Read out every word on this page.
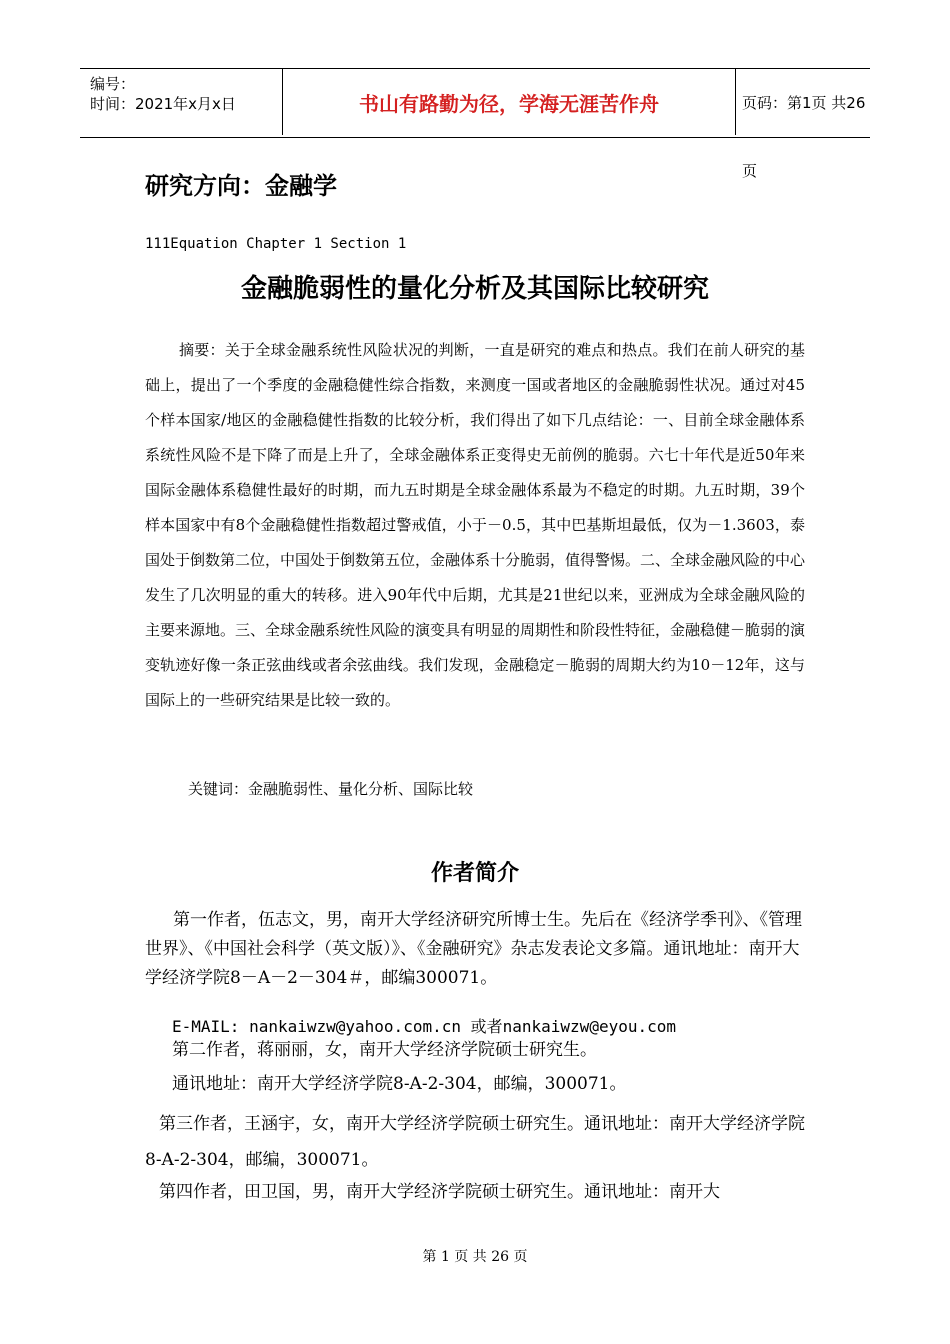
编号：
时间：2021年x月x日	书山有路勤为径，学海无涯苦作舟	页码：第1页 共26页
研究方向：金融学
111Equation Chapter 1 Section 1
金融脆弱性的量化分析及其国际比较研究

摘要：关于全球金融系统性风险状况的判断，一直是研究的难点和热点。我们在前人研究的基础上，提出了一个季度的金融稳健性综合指数，来测度一国或者地区的金融脆弱性状况。通过对45个样本国家/地区的金融稳健性指数的比较分析，我们得出了如下几点结论：一、目前全球金融体系系统性风险不是下降了而是上升了，全球金融体系正变得史无前例的脆弱。六七十年代是近50年来国际金融体系稳健性最好的时期，而九五时期是全球金融体系最为不稳定的时期。九五时期，39个样本国家中有8个金融稳健性指数超过警戒值，小于－0.5，其中巴基斯坦最低，仅为－1.3603，泰国处于倒数第二位，中国处于倒数第五位，金融体系十分脆弱，值得警惕。二、全球金融风险的中心发生了几次明显的重大的转移。进入90年代中后期，尤其是21世纪以来，亚洲成为全球金融风险的主要来源地。三、全球金融系统性风险的演变具有明显的周期性和阶段性特征，金融稳健－脆弱的演变轨迹好像一条正弦曲线或者余弦曲线。我们发现，金融稳定－脆弱的周期大约为10－12年，这与国际上的一些研究结果是比较一致的。

关键词：金融脆弱性、量化分析、国际比较
作者简介
第一作者，伍志文，男，南开大学经济研究所博士生。先后在《经济学季刊》、《管理世界》、《中国社会科学（英文版）》、《金融研究》杂志发表论文多篇。通讯地址：南开大学经济学院8－A－2－304＃，邮编300071。
E-MAIL: nankaiwzw@yahoo.com.cn 或者nankaiwzw@eyou.com
第二作者，蒋丽丽，女，南开大学经济学院硕士研究生。
通讯地址：南开大学经济学院8-A-2-304，邮编，300071。
第三作者，王涵宇，女，南开大学经济学院硕士研究生。通讯地址：南开大学经济学院8-A-2-304，邮编，300071。
第四作者，田卫国，男，南开大学经济学院硕士研究生。通讯地址：南开大
第 1 页 共 26 页
